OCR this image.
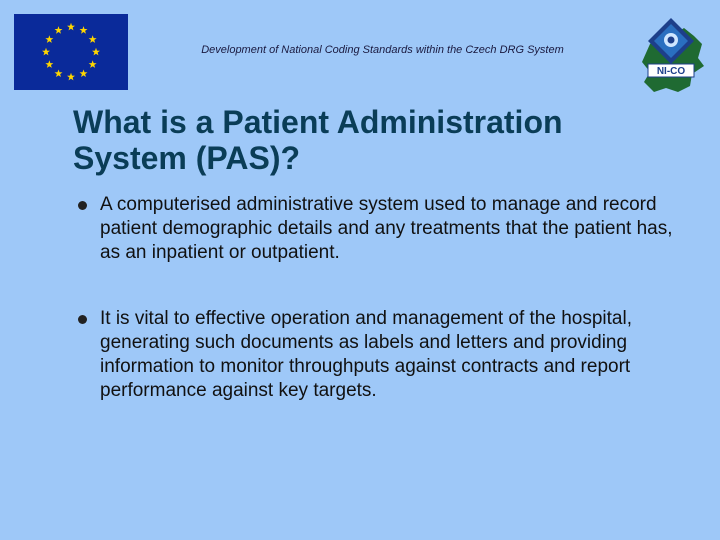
Development of National Coding Standards within the Czech DRG System
NI-CO
What is a Patient Administration System (PAS)?
A computerised administrative system used to manage and record patient demographic details and any treatments that the patient has, as an inpatient or outpatient.
It is vital to effective operation and management of the hospital, generating such documents as labels and letters and providing information to monitor throughputs against contracts and report performance against key targets.
